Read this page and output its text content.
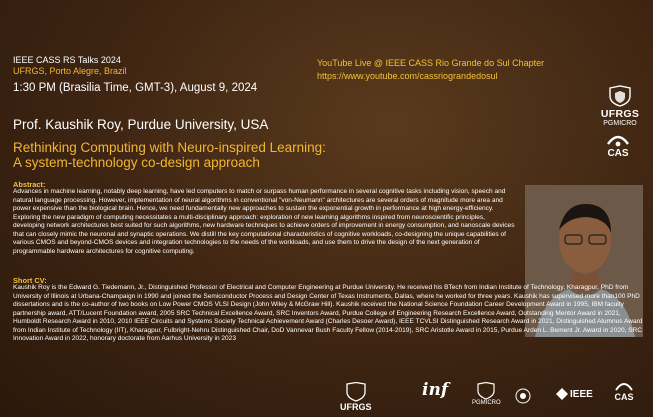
IEEE CASS RS Talks 2024
UFRGS, Porto Alegre, Brazil
1:30 PM (Brasilia Time, GMT-3), August 9, 2024
YouTube Live @ IEEE CASS Rio Grande do Sul Chapter
https://www.youtube.com/cassriograndedosul
UFRGS
PGMICRO
CAS
Prof. Kaushik Roy, Purdue University, USA
Rethinking Computing with Neuro-inspired Learning:
A system-technology co-design approach
Abstract:
Advances in machine learning, notably deep learning, have led computers to match or surpass human performance in several cognitive tasks including vision, speech and natural language processing. However, implementation of neural algorithms in conventional "von-Neumann" architectures are several orders of magnitude more area and power expensive than the biological brain. Hence, we need fundamentally new approaches to sustain the exponential growth in performance at high energy-efficiency. Exploring the new paradigm of computing necessitates a multi-disciplinary approach: exploration of new learning algorithms inspired from neuroscientific principles, developing network architectures best suited for such algorithms, new hardware techniques to achieve orders of improvement in energy consumption, and nanoscale devices that can closely mimic the neuronal and synaptic operations. We distill the key computational characteristics of cognitive workloads, co-designing the unique capabilities of various CMOS and beyond-CMOS devices and integration technologies to the needs of the workloads, and use them to drive the design of the next generation of programmable hardware architectures for cognitive computing.
Short CV:
Kaushik Roy is the Edward G. Tiedemann, Jr., Distinguished Professor of Electrical and Computer Engineering at Purdue University. He received his BTech from Indian Institute of Technology, Kharagpur, PhD from University of Illinois at Urbana-Champaign in 1990 and joined the Semiconductor Process and Design Center of Texas Instruments, Dallas, where he worked for three years. Kaushik has supervised more than100 PhD dissertations and is the co-author of two books on Low Power CMOS VLSI Design (John Wiley & McGraw Hill). Kaushik received the National Science Foundation Career Development Award in 1995, IBM faculty partnership award, ATT/Lucent Foundation award, 2005 SRC Technical Excellence Award, SRC Inventors Award, Purdue College of Engineering Research Excellence Award, Outstanding Mentor Award in 2021, Humboldt Research Award in 2010, 2010 IEEE Circuits and Systems Society Technical Achievement Award (Charles Desoer Award), IEEE TCVLSI Distinguished Research Award in 2021, Distinguished Alumnus Award from Indian Institute of Technology (IIT), Kharagpur, Fulbright-Nehru Distinguished Chair, DoD Vannevar Bush Faculty Fellow (2014-2019), SRC Aristotle Award in 2015, Purdue Arden L. Bement Jr. Award in 2020, SRC Innovation Award in 2022, honorary doctorate from Aarhus University in 2023
UFRGS
inf
PGMICRO
IEEE CAS
